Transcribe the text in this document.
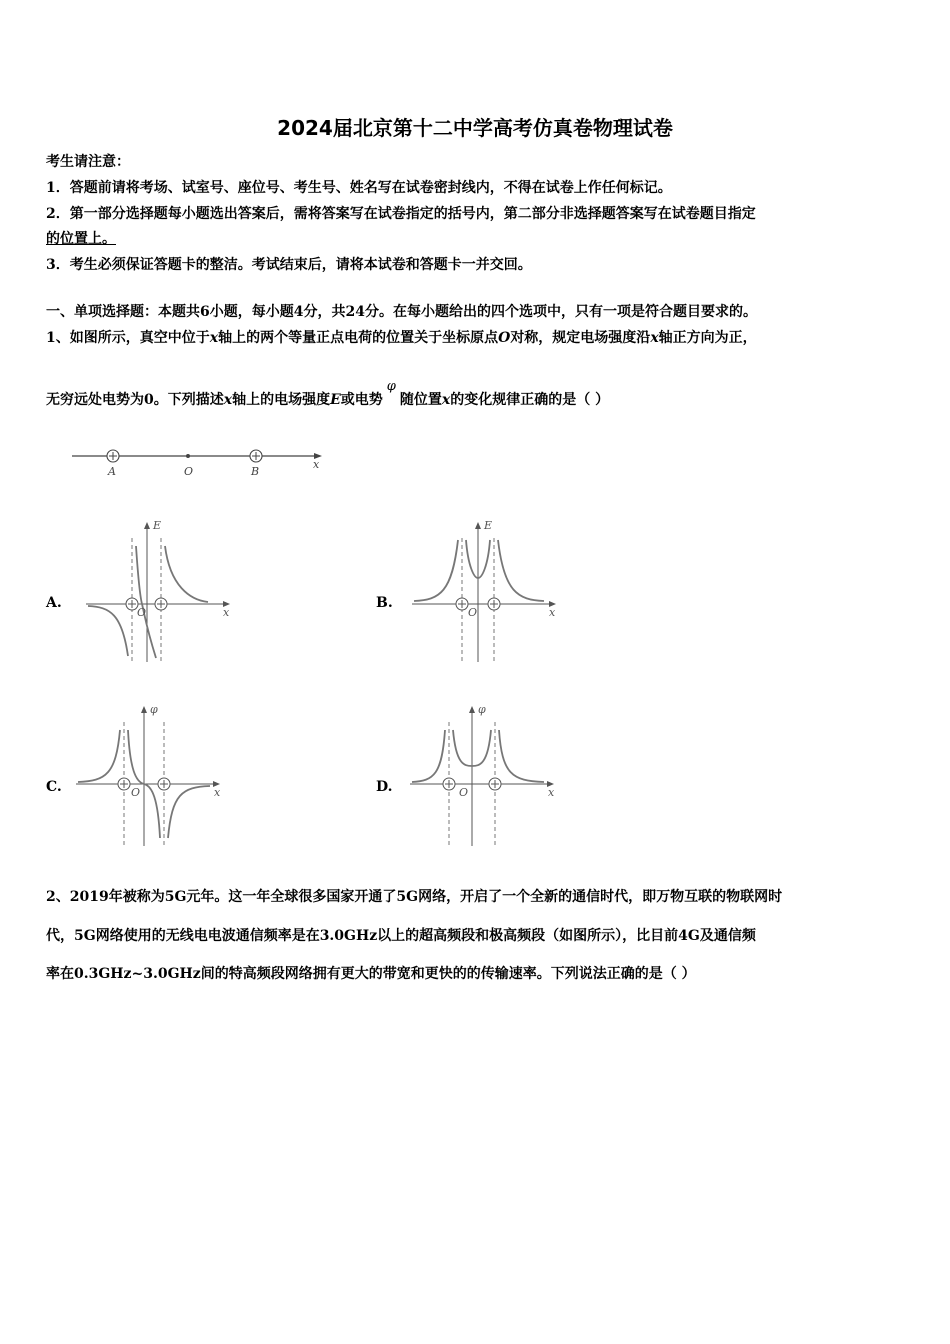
2024届北京第十二中学高考仿真卷物理试卷
考生请注意：
1．答题前请将考场、试室号、座位号、考生号、姓名写在试卷密封线内，不得在试卷上作任何标记。
2．第一部分选择题每小题选出答案后，需将答案写在试卷指定的括号内，第二部分非选择题答案写在试卷题目指定
的位置上。
3．考生必须保证答题卡的整洁。考试结束后，请将本试卷和答题卡一并交回。
一、单项选择题：本题共6小题，每小题4分，共24分。在每小题给出的四个选项中，只有一项是符合题目要求的。
1、如图所示，真空中位于x轴上的两个等量正点电荷的位置关于坐标原点O对称，规定电场强度沿x轴正方向为正，
无穷远处电势为0。下列描述x轴上的电场强度E或电势φ随位置x的变化规律正确的是（ ）
A	O	B
x
A.
E
O	x
B.
E
O	x
C.
φ
O	x	D.
φ
O	x
2、2019年被称为5G元年。这一年全球很多国家开通了5G网络，开启了一个全新的通信时代，即万物互联的物联网时
代，5G网络使用的无线电电波通信频率是在3.0GHz以上的超高频段和极高频段（如图所示），比目前4G及通信频
率在0.3GHz~3.0GHz间的特高频段网络拥有更大的带宽和更快的的传输速率。下列说法正确的是（ ）
